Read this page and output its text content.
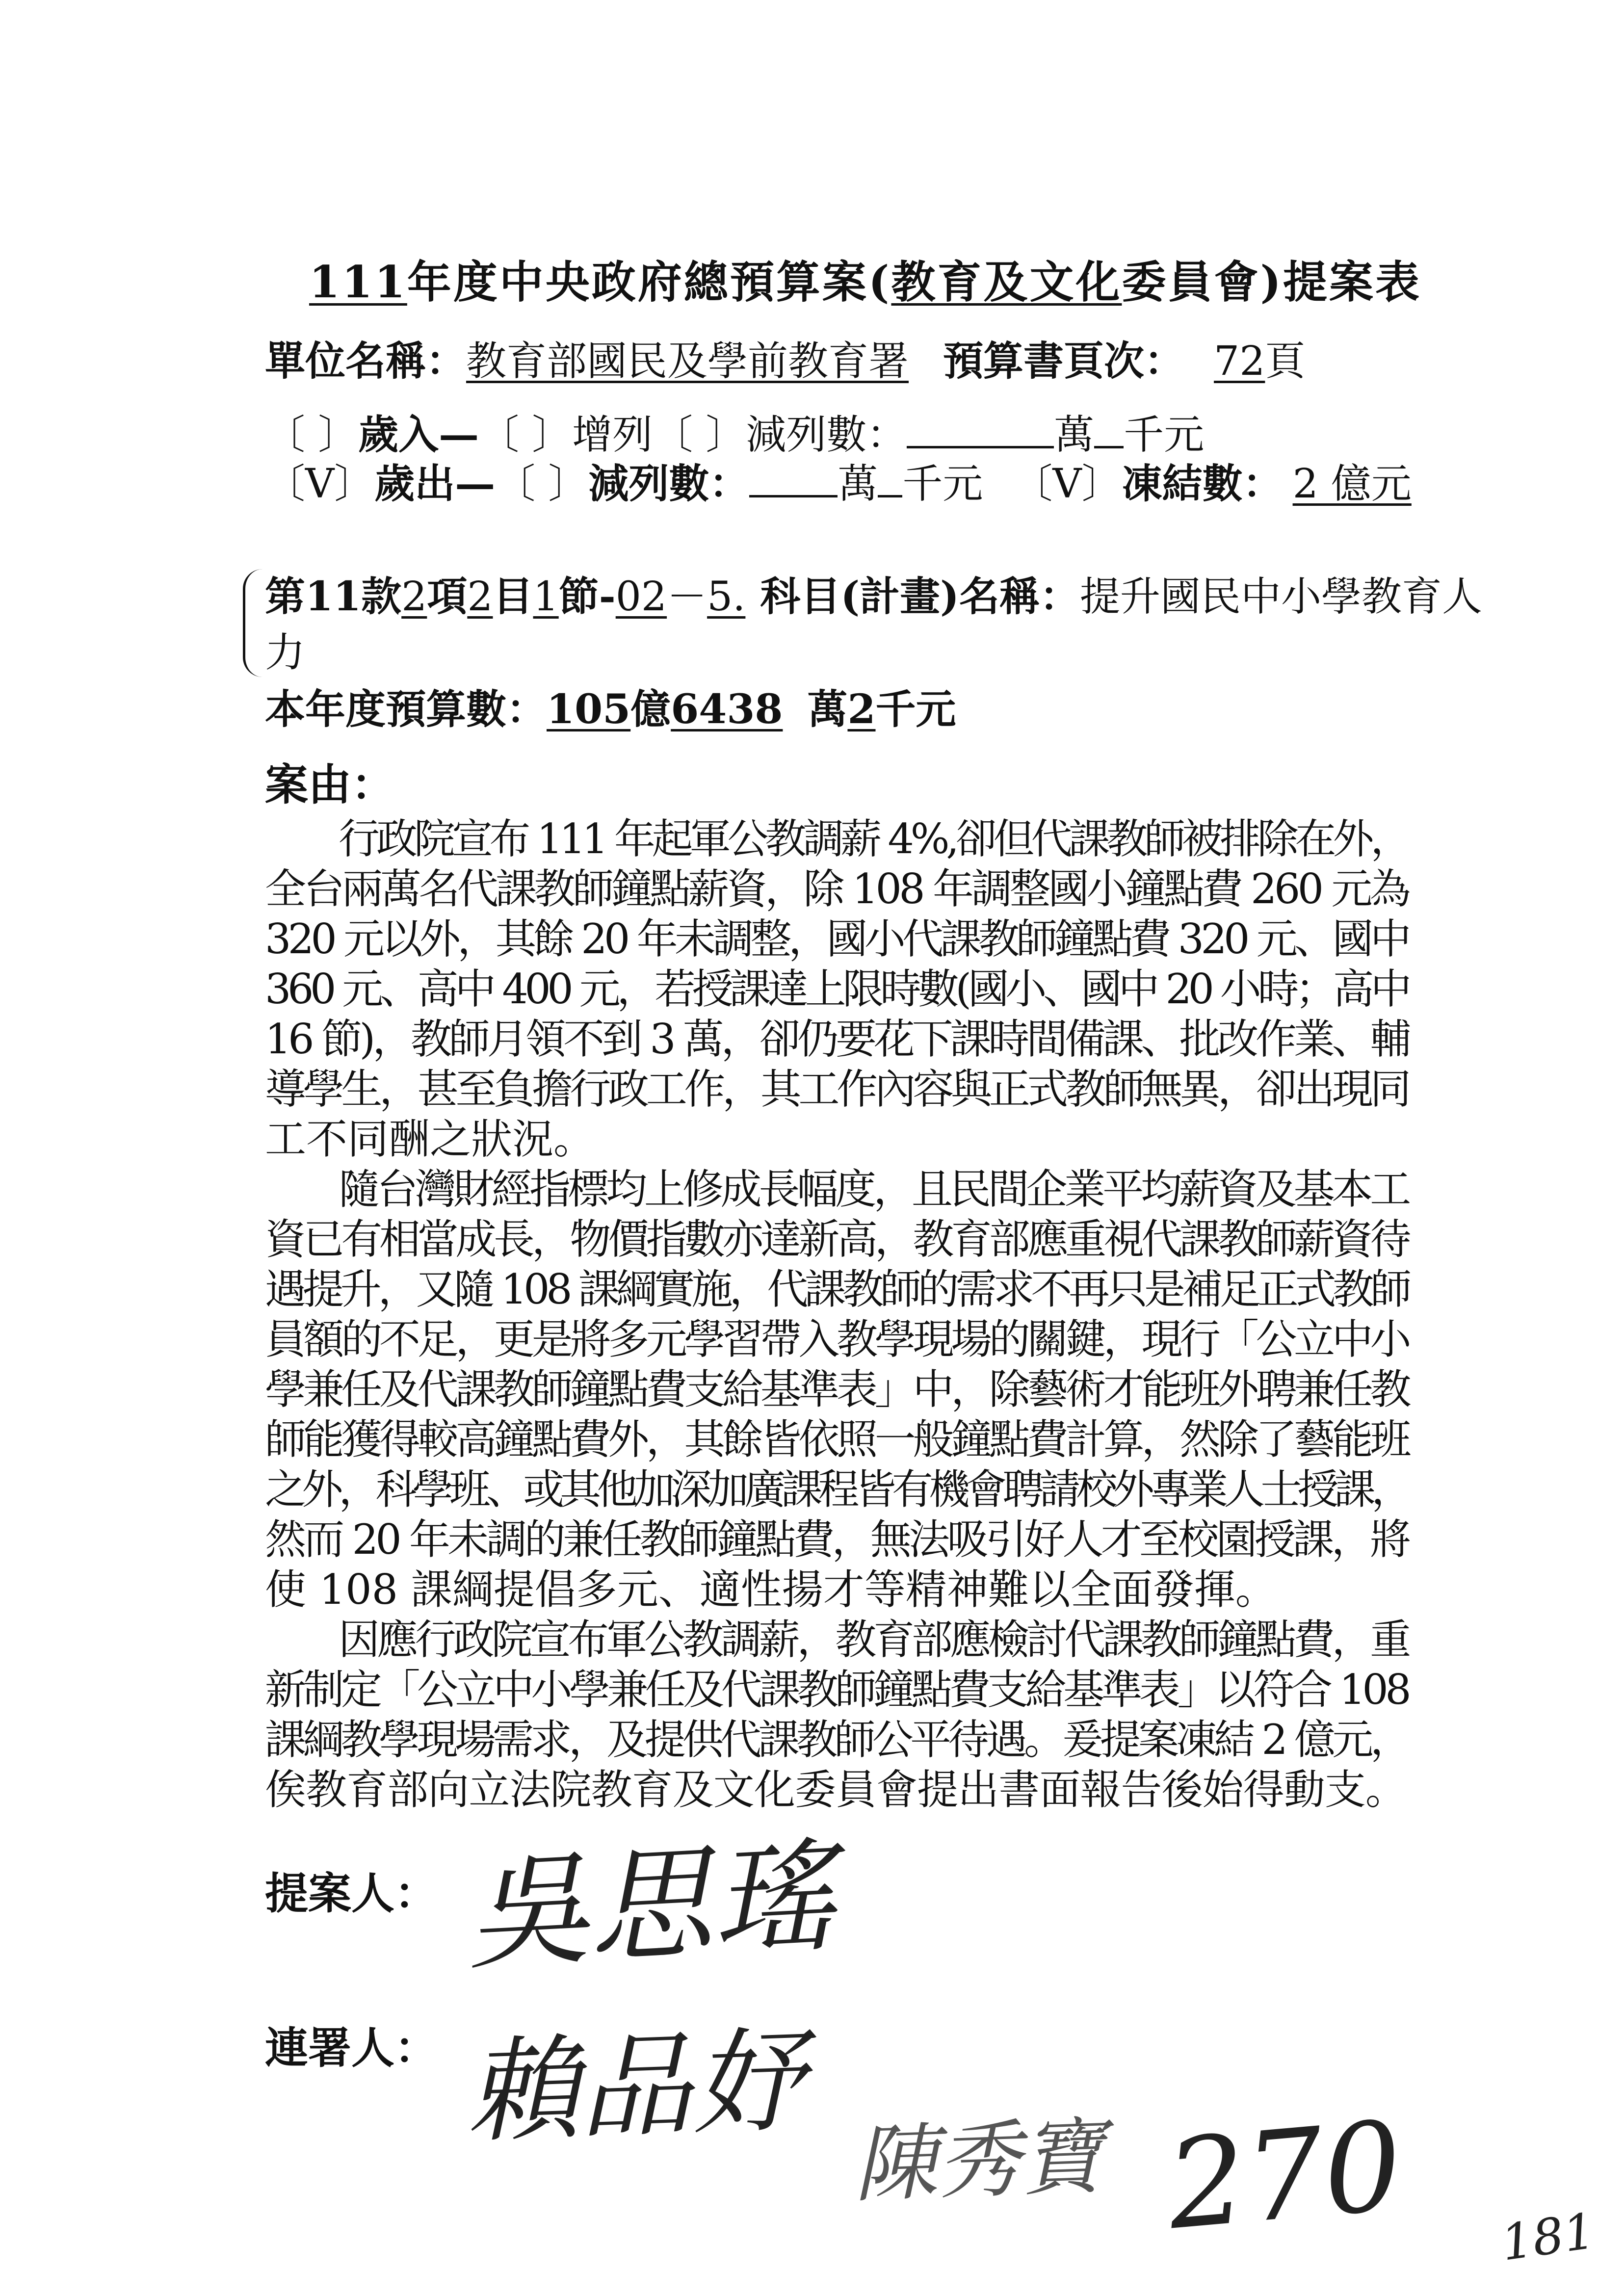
111年度中央政府總預算案(教育及文化委員會)提案表
單位名稱：教育部國民及學前教育署 預算書頁次： 72頁
〔 〕歲入—〔 〕增列〔 〕減列數：	萬 千元
〔V〕歲出—〔 〕減列數： 萬 千元 〔V〕凍結數： 2 億元
第11款2項2目1節-02－5. 科目(計畫)名稱：提升國民中小學教育人
力
本年度預算數：105億6438 萬2千元
案由：
行政院宣布 111 年起軍公教調薪 4%,卻但代課教師被排除在外，
全台兩萬名代課教師鐘點薪資，除 108 年調整國小鐘點費 260 元為
320 元以外，其餘 20 年未調整，國小代課教師鐘點費 320 元、國中
360 元、高中 400 元，若授課達上限時數(國小、國中 20 小時；高中
16 節)，教師月領不到 3 萬，卻仍要花下課時間備課、批改作業、輔
導學生，甚至負擔行政工作，其工作內容與正式教師無異，卻出現同
工不同酬之狀況。
隨台灣財經指標均上修成長幅度，且民間企業平均薪資及基本工
資已有相當成長，物價指數亦達新高，教育部應重視代課教師薪資待
遇提升，又隨 108 課綱實施，代課教師的需求不再只是補足正式教師
員額的不足，更是將多元學習帶入教學現場的關鍵，現行「公立中小
學兼任及代課教師鐘點費支給基準表」中，除藝術才能班外聘兼任教
師能獲得較高鐘點費外，其餘皆依照一般鐘點費計算，然除了藝能班
之外，科學班、或其他加深加廣課程皆有機會聘請校外專業人士授課，
然而 20 年未調的兼任教師鐘點費，無法吸引好人才至校園授課，將
使 108 課綱提倡多元、適性揚才等精神難以全面發揮。
因應行政院宣布軍公教調薪，教育部應檢討代課教師鐘點費，重
新制定「公立中小學兼任及代課教師鐘點費支給基準表」以符合 108
課綱教學現場需求，及提供代課教師公平待遇。爰提案凍結 2 億元，
俟教育部向立法院教育及文化委員會提出書面報告後始得動支。
提案人：
連署人：
吳思瑤
賴品妤
陳秀寶 270 181
